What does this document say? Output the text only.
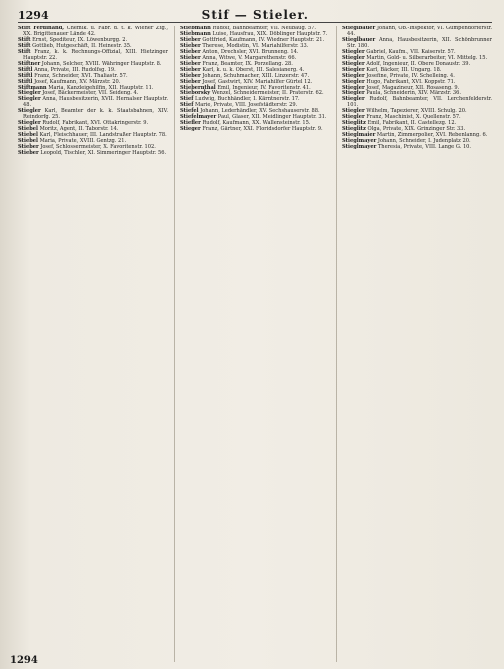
1294	Stif — Stieler.

Stift Ferdinand, Chemik. u. Fabr. d. t. k. Wiener Ztg., XX. Brigittenauer Lände 42.

Stift Ernst, Spediteur, IX. Löwenburgg. 2.

Stift Gottlieb, Hutgeschäft, II. Heinestr. 35.

Stift Franz, k. k. Rechnungs-Offizial, XIII. Hietzinger Hauptstr. 22.

Stiftner Johann, Selcher, XVIII. Währinger Hauptstr. 8.

Stiftl Anna, Private, III. Rudolfsg. 19.

Stiftl Franz, Schneider, XVI. Thaliastr. 57.

Stiftl Josef, Kaufmann, XV. Märzstr. 20.

Stiftmann Maria, Kanzleigehilfin, XII. Hauptstr. 11.

Stiegler Josef, Bäckermeister, VII. Seideng. 4.

Stiegler Anna, Hausbesitzerin, XVII. Hernalser Hauptstr. 48.

Stiegler Karl, Beamter der k. k. Staatsbahnen, XIV. Reindorfg. 25.

Stiegler Rudolf, Fabrikant, XVI. Ottakringerstr. 9.

Stiebel Moritz, Agent, II. Taborstr. 14.

Stiebel Karl, Fleischhauer, III. Landstraßer Hauptstr. 78.

Stiebel Maria, Private, XVIII. Gentzg. 21.

Stieber Josef, Schlossermeister, X. Favoritenstr. 102.

Stieber Leopold, Tischler, XI. Simmeringer Hauptstr. 56.

Stiebmann Rudolf, Bahnbeamter, VII. Neubaug. 57.

Stiebmann Luise, Hausfrau, XIX. Döblinger Hauptstr. 7.

Stieber Gottfried, Kaufmann, IV. Wiedner Hauptstr. 21.

Stieber Therese, Modistin, VI. Mariahilferstr. 33.

Stieber Anton, Drechsler, XVI. Brunneng. 14.

Stieber Anna, Witwe, V. Margarethenstr. 66.

Stieber Franz, Beamter, IX. Porzellang. 28.

Stieber Karl, k. u. k. Oberst, III. Salesianerg. 4.

Stieber Johann, Schuhmacher, XIII. Linzerstr. 47.

Stieber Josef, Gastwirt, XIV. Mariahilfer Gürtel 12.

Stiebernthal Emil, Ingenieur, IV. Favoritenstr. 41.

Stieborsky Wenzel, Schneidermeister, II. Praterstr. 62.

Stief Ludwig, Buchhändler, I. Kärntnerstr. 17.

Stief Marie, Private, VIII. Josefstädterstr. 29.

Stiefel Johann, Lederhändler, XV. Sechshauserstr. 88.

Stiefelmayer Paul, Glaser, XII. Meidlinger Hauptstr. 31.

Stiefler Rudolf, Kaufmann, XX. Wallensteinstr. 15.

Stieger Franz, Gärtner, XXI. Floridsdorfer Hauptstr. 9.

Stieglbauer Johann, Ob.-Inspektor, VI. Gumpendorferstr. 44.

Stieglbauer Anna, Hausbesitzerin, XII. Schönbrunner Str. 180.

Stiegler Gabriel, Kaufm., VII. Kaiserstr. 57.

Stiegler Martin, Gold- u. Silberarbeiter, VI. Mittelg. 15.

Stiegler Adolf, Ingenieur, II. Obere Donaustr. 39.

Stiegler Karl, Bäcker, III. Ungarg. 18.

Stiegler Josefine, Private, IV. Schelleing. 4.

Stiegler Hugo, Fabrikant, XVI. Koppstr. 71.

Stiegler Josef, Magazineur, XII. Rosaseng. 9.

Stiegler Paula, Schneiderin, XIV. Märzstr. 36.

Stiegler Rudolf, Bahnbeamter, VII. Lerchenfelderstr. 101.

Stiegler Wilhelm, Tapezierer, XVIII. Schulg. 20.

Stiegler Franz, Maschinist, X. Quellenstr. 57.

Stieglitz Emil, Fabrikant, II. Castellezg. 12.

Stieglitz Olga, Private, XIX. Grinzinger Str. 33.

Stieglmaier Martin, Zimmerpolier, XVI. Rebenlanng. 6.

Stieglmayer Johann, Schneider, I. Judenplatz 20.

Stieglmayer Theresia, Private, VIII. Lange G. 10.

1294
